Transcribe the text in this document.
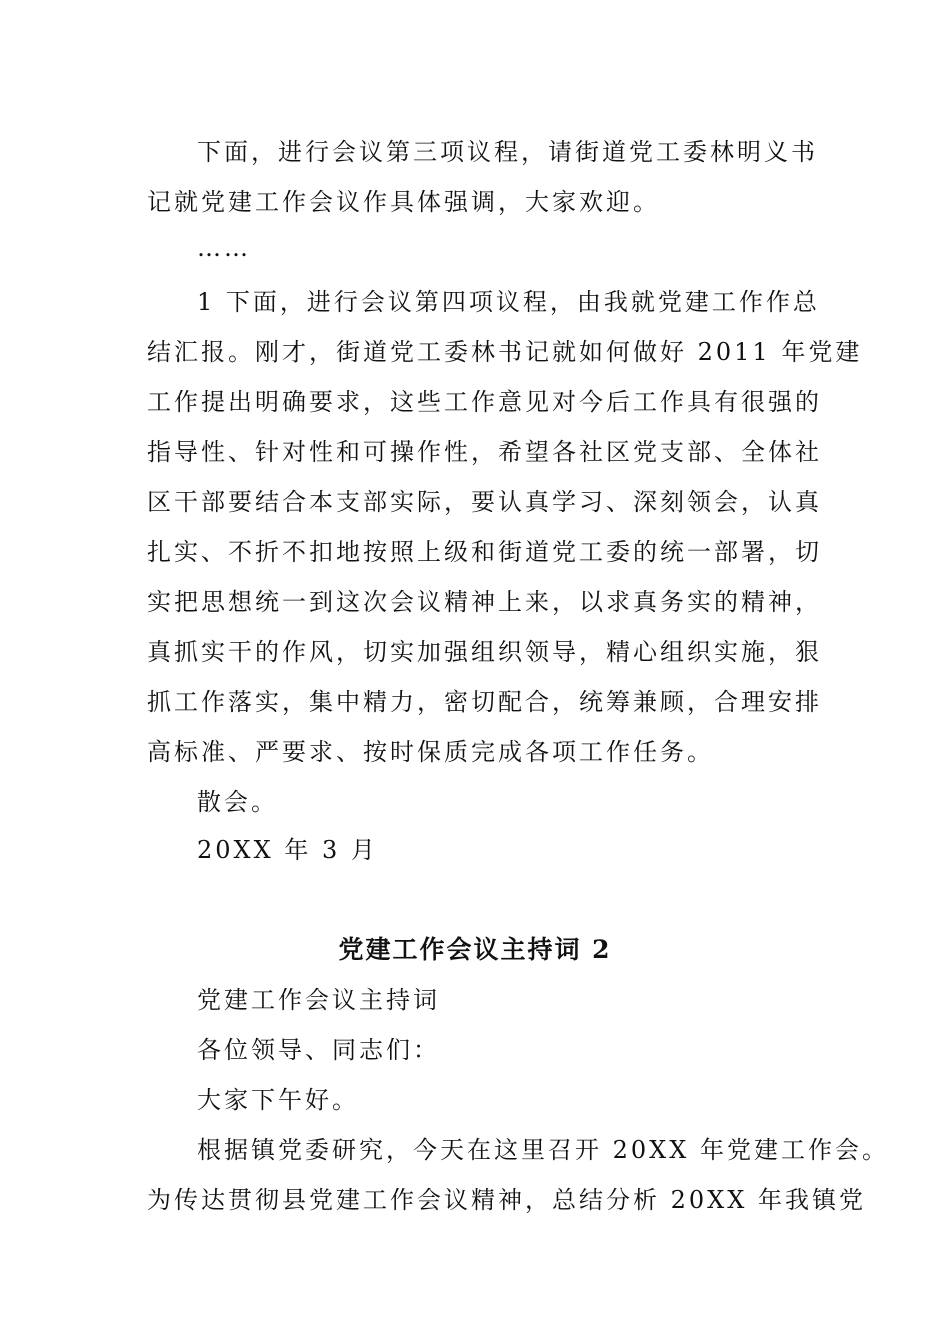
下面，进行会议第三项议程，请街道党工委林明义书
记就党建工作会议作具体强调，大家欢迎。
……
1 下面，进行会议第四项议程，由我就党建工作作总
结汇报。刚才，街道党工委林书记就如何做好 2011 年党建
工作提出明确要求，这些工作意见对今后工作具有很强的
指导性、针对性和可操作性，希望各社区党支部、全体社
区干部要结合本支部实际，要认真学习、深刻领会，认真
扎实、不折不扣地按照上级和街道党工委的统一部署，切
实把思想统一到这次会议精神上来，以求真务实的精神，
真抓实干的作风，切实加强组织领导，精心组织实施，狠
抓工作落实，集中精力，密切配合，统筹兼顾，合理安排
高标准、严要求、按时保质完成各项工作任务。
散会。
20XX 年 3 月
党建工作会议主持词 2
党建工作会议主持词
各位领导、同志们：
大家下午好。
根据镇党委研究，今天在这里召开 20XX 年党建工作会。
为传达贯彻县党建工作会议精神，总结分析 20XX 年我镇党
